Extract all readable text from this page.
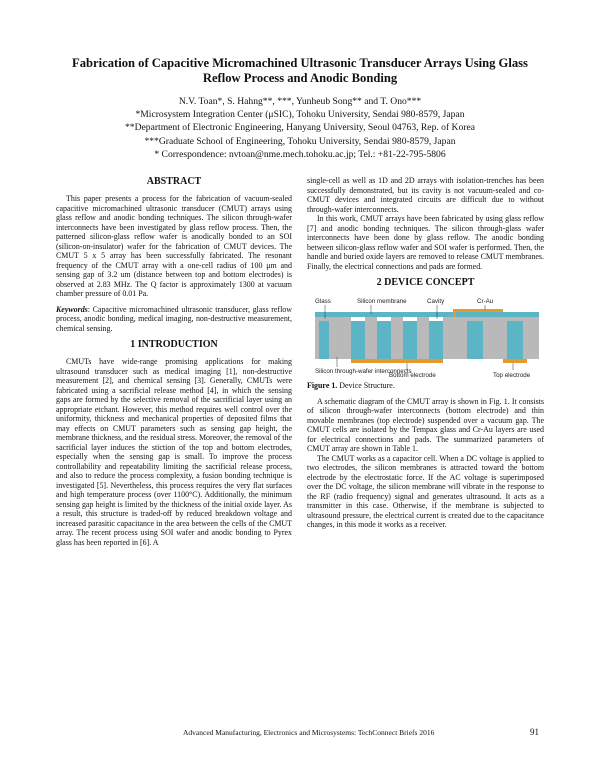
Fabrication of Capacitive Micromachined Ultrasonic Transducer Arrays Using Glass
Reflow Process and Anodic Bonding
N.V. Toan*, S. Hahng**, ***, Yunheub Song** and T. Ono***
*Microsystem Integration Center (μSIC), Tohoku University, Sendai 980-8579, Japan
**Department of Electronic Engineering, Hanyang University, Seoul 04763, Rep. of Korea
***Graduate School of Engineering, Tohoku University, Sendai 980-8579, Japan
* Correspondence: nvtoan@nme.mech.tohoku.ac.jp; Tel.: +81-22-795-5806

ABSTRACT

This paper presents a process for the fabrication of vacuum-sealed capacitive micromachined ultrasonic transducer (CMUT) arrays using glass reflow and anodic bonding techniques. The silicon through-wafer interconnects have been investigated by glass reflow process. Then, the patterned silicon-glass reflow wafer is anodically bonded to an SOI (silicon-on-insulator) wafer for the fabrication of CMUT devices. The CMUT 5 x 5 array has been successfully fabricated. The resonant frequency of the CMUT array with a one-cell radius of 100 μm and sensing gap of 3.2 um (distance between top and bottom electrodes) is observed at 2.83 MHz. The Q factor is approximately 1300 at vacuum chamber pressure of 0.01 Pa.

Keywords: Capacitive micromachined ultrasonic transducer, glass reflow process, anodic bonding, medical imaging, non-destructive measurement, chemical sensing.

1 INTRODUCTION

CMUTs have wide-range promising applications for making ultrasound transducer such as medical imaging [1], non-destructive measurement [2], and chemical sensing [3]. Generally, CMUTs were fabricated using a sacrificial release method [4], in which the sensing gaps are formed by the selective removal of the sacrificial layer using an appropriate etchant. However, this method requires well control over the uniformity, thickness and mechanical properties of deposited films that may effects on CMUT parameters such as sensing gap height, the membrane thickness, and the residual stress. Moreover, the removal of the sacrificial layer induces the stiction of the top and bottom electrodes, especially when the sensing gap is small. To improve the process controllability and repeatability limiting the sacrificial release process, and also to reduce the process complexity, a fusion bonding technique is investigated [5]. Nevertheless, this process requires the very flat surfaces and high temperature process (over 1100°C). Additionally, the minimum sensing gap height is limited by the thickness of the initial oxide layer. As a result, this structure is traded-off by reduced breakdown voltage and increased parasitic capacitance in the area between the cells of the CMUT array. The recent process using SOI wafer and anodic bonding to Pyrex glass has been reported in [6]. A

single-cell as well as 1D and 2D arrays with isolation-trenches has been successfully demonstrated, but its cavity is not vacuum-sealed and co-CMUT devices and integrated circuits are difficult due to without through-wafer interconnects.

In this work, CMUT arrays have been fabricated by using glass reflow [7] and anodic bonding techniques. The silicon through-glass wafer interconnects have been done by glass reflow. The anodic bonding between silicon-glass reflow wafer and SOI wafer is performed. Then, the handle and buried oxide layers are removed to release CMUT membranes. Finally, the electrical connections and pads are formed.

2 DEVICE CONCEPT

Glass	Silicon membrane	Cavity	Cr-Au
Silicon through-wafer interconnects
Bottom electrode	Top electrode

Figure 1. Device Structure.

A schematic diagram of the CMUT array is shown in Fig. 1. It consists of silicon through-wafer interconnects (bottom electrode) and thin movable membranes (top electrode) suspended over a vacuum gap. The CMUT cells are isolated by the Tempax glass and Cr-Au layers are used for electrical connections and pads. The summarized parameters of CMUT array are shown in Table 1.

The CMUT works as a capacitor cell. When a DC voltage is applied to two electrodes, the silicon membranes is attracted toward the bottom electrode by the electrostatic force. If the AC voltage is superimposed over the DC voltage, the silicon membrane will vibrate in the response to the RF (radio frequency) signal and generates ultrasound. It acts as a transmitter in this case. Otherwise, if the membrane is subjected to ultrasound pressure, the electrical current is created due to the capacitance changes, in this mode it works as a receiver.

Advanced Manufacturing, Electronics and Microsystems: TechConnect Briefs 2016	91
